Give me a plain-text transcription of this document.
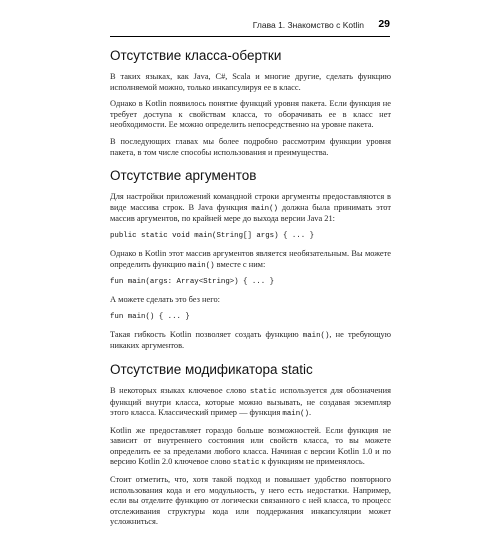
Глава 1. Знакомство с Kotlin 29
Отсутствие класса-обертки

В таких языках, как Java, C#, Scala и многие другие, сделать функцию исполняемой можно, только инкапсулируя ее в класс.

Однако в Kotlin появилось понятие функций уровня пакета. Если функция не требует доступа к свойствам класса, то оборачивать ее в класс нет необходимости. Ее можно определить непосредственно на уровне пакета.

В последующих главах мы более подробно рассмотрим функции уровня пакета, в том числе способы использования и преимущества.

Отсутствие аргументов

Для настройки приложений командной строки аргументы предоставляются в виде массива строк. В Java функция main() должна была принимать этот массив аргументов, по крайней мере до выхода версии Java 21:

public static void main(String[] args) { ... }

Однако в Kotlin этот массив аргументов является необязательным. Вы можете определить функцию main() вместе с ним:

fun main(args: Array<String>) { ... }

А можете сделать это без него:

fun main() { ... }

Такая гибкость Kotlin позволяет создать функцию main(), не требующую никаких аргументов.

Отсутствие модификатора static

В некоторых языках ключевое слово static используется для обозначения функций внутри класса, которые можно вызывать, не создавая экземпляр этого класса. Классический пример — функция main().

Kotlin же предоставляет гораздо больше возможностей. Если функция не зависит от внутреннего состояния или свойств класса, то вы можете определить ее за пределами любого класса. Начиная с версии Kotlin 1.0 и по версию Kotlin 2.0 ключевое слово static к функциям не применялось.

Стоит отметить, что, хотя такой подход и повышает удобство повторного использования кода и его модульность, у него есть недостатки. Например, если вы отделите функцию от логически связанного с ней класса, то процесс отслеживания структуры кода или поддержания инкапсуляции может усложниться.
